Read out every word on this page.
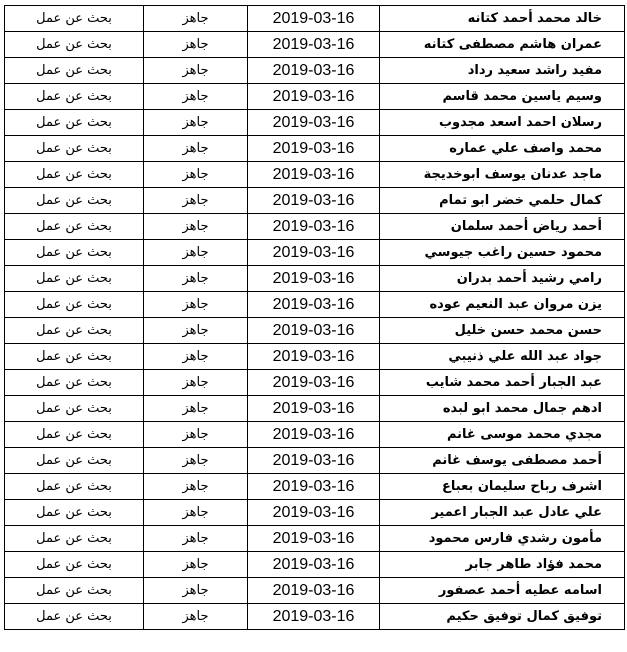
خالد محمد أحمد كتانه	2019-03-16	جاهز	بحث عن عمل
عمران هاشم مصطفى كتانه	2019-03-16	جاهز	بحث عن عمل
مفيد راشد سعيد رداد	2019-03-16	جاهز	بحث عن عمل
وسيم ياسين محمد قاسم	2019-03-16	جاهز	بحث عن عمل
رسلان احمد اسعد مجدوب	2019-03-16	جاهز	بحث عن عمل
محمد واصف علي عماره	2019-03-16	جاهز	بحث عن عمل
ماجد عدنان يوسف ابوخديجة	2019-03-16	جاهز	بحث عن عمل
كمال حلمي خضر ابو تمام	2019-03-16	جاهز	بحث عن عمل
أحمد رياض أحمد سلمان	2019-03-16	جاهز	بحث عن عمل
محمود حسين راغب جيوسي	2019-03-16	جاهز	بحث عن عمل
رامي رشيد أحمد بدران	2019-03-16	جاهز	بحث عن عمل
يزن مروان عبد النعيم عوده	2019-03-16	جاهز	بحث عن عمل
حسن محمد حسن خليل	2019-03-16	جاهز	بحث عن عمل
جواد عبد الله علي ذنيبي	2019-03-16	جاهز	بحث عن عمل
عبد الجبار أحمد محمد شايب	2019-03-16	جاهز	بحث عن عمل
ادهم جمال محمد ابو لبده	2019-03-16	جاهز	بحث عن عمل
مجدي محمد موسى غانم	2019-03-16	جاهز	بحث عن عمل
أحمد مصطفى يوسف غانم	2019-03-16	جاهز	بحث عن عمل
اشرف رباح سليمان بعباع	2019-03-16	جاهز	بحث عن عمل
علي عادل عبد الجبار اعمير	2019-03-16	جاهز	بحث عن عمل
مأمون رشدي فارس محمود	2019-03-16	جاهز	بحث عن عمل
محمد فؤاد طاهر جابر	2019-03-16	جاهز	بحث عن عمل
اسامه عطيه أحمد عصفور	2019-03-16	جاهز	بحث عن عمل
توفيق كمال توفيق حكيم	2019-03-16	جاهز	بحث عن عمل
